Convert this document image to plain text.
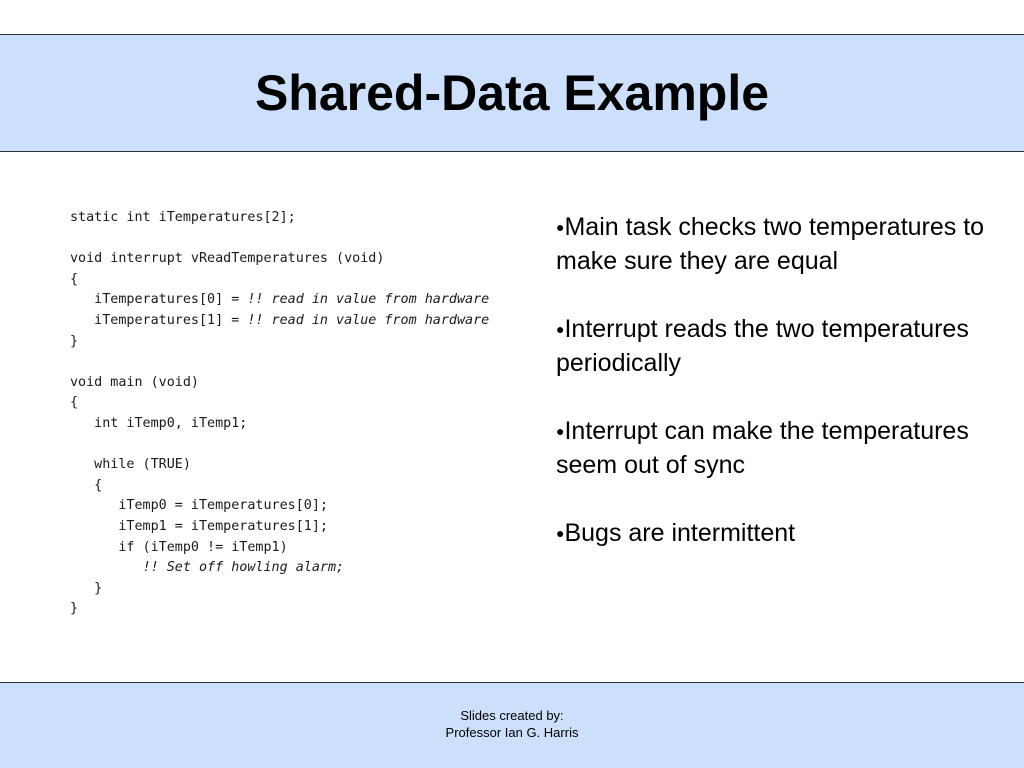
Shared-Data Example
static int iTemperatures[2];
void interrupt vReadTemperatures (void)
{
iTemperatures[0] = !! read in value from hardware
iTemperatures[1] = !! read in value from hardware
}
void main (void)
{
int iTemp0, iTemp1;
while (TRUE)
{
iTemp0 = iTemperatures[0];
iTemp1 = iTemperatures[1];
if (iTemp0 != iTemp1)
!! Set off howling alarm;
}
}
●Main task checks two temperatures to make sure they are equal
●Interrupt reads the two temperatures periodically
●Interrupt can make the temperatures seem out of sync
●Bugs are intermittent
Slides created by:
Professor Ian G. Harris
